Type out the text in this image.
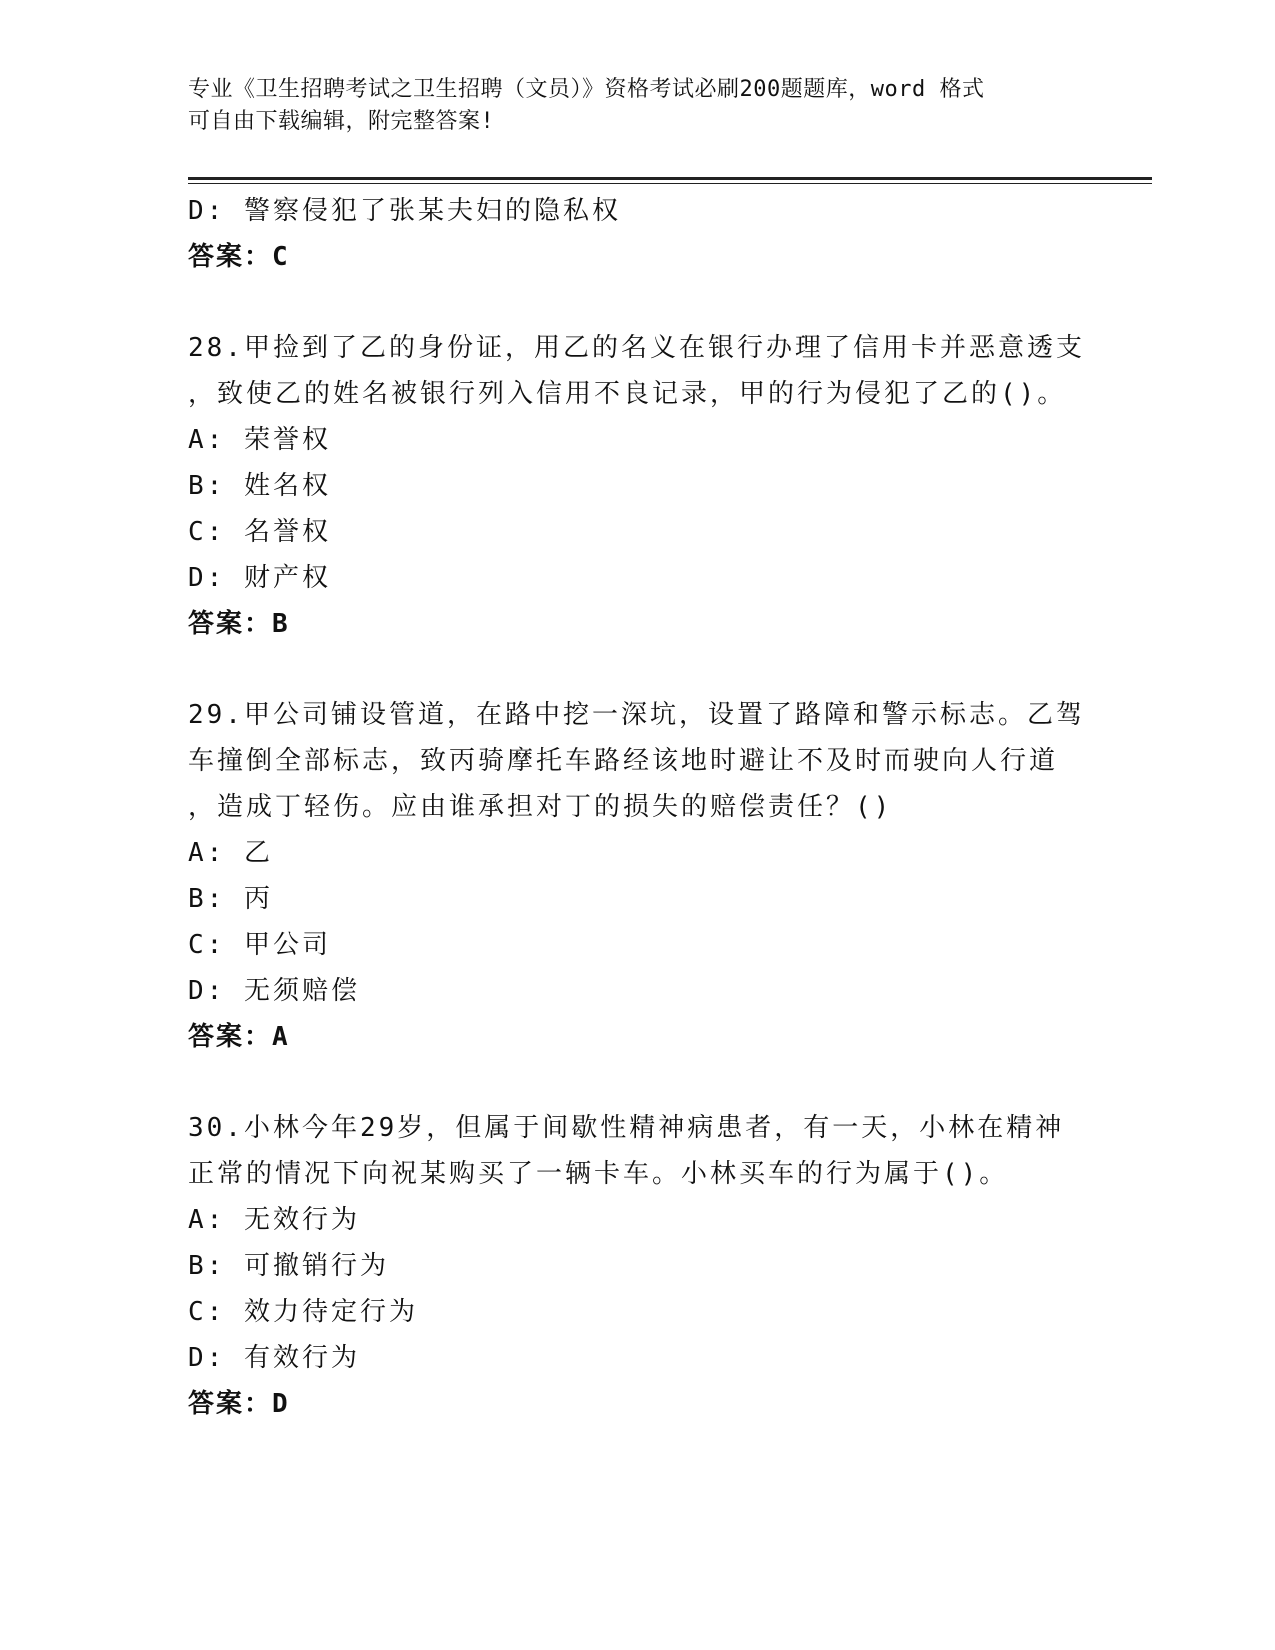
专业《卫生招聘考试之卫生招聘（文员）》资格考试必刷200题题库，word 格式
可自由下载编辑，附完整答案!
D: 警察侵犯了张某夫妇的隐私权
答案：C
28.甲捡到了乙的身份证，用乙的名义在银行办理了信用卡并恶意透支
，致使乙的姓名被银行列入信用不良记录，甲的行为侵犯了乙的()。
A: 荣誉权
B: 姓名权
C: 名誉权
D: 财产权
答案：B
29.甲公司铺设管道，在路中挖一深坑，设置了路障和警示标志。乙驾
车撞倒全部标志，致丙骑摩托车路经该地时避让不及时而驶向人行道
，造成丁轻伤。应由谁承担对丁的损失的赔偿责任？()
A: 乙
B: 丙
C: 甲公司
D: 无须赔偿
答案：A
30.小林今年29岁，但属于间歇性精神病患者，有一天，小林在精神
正常的情况下向祝某购买了一辆卡车。小林买车的行为属于()。
A: 无效行为
B: 可撤销行为
C: 效力待定行为
D: 有效行为
答案：D
